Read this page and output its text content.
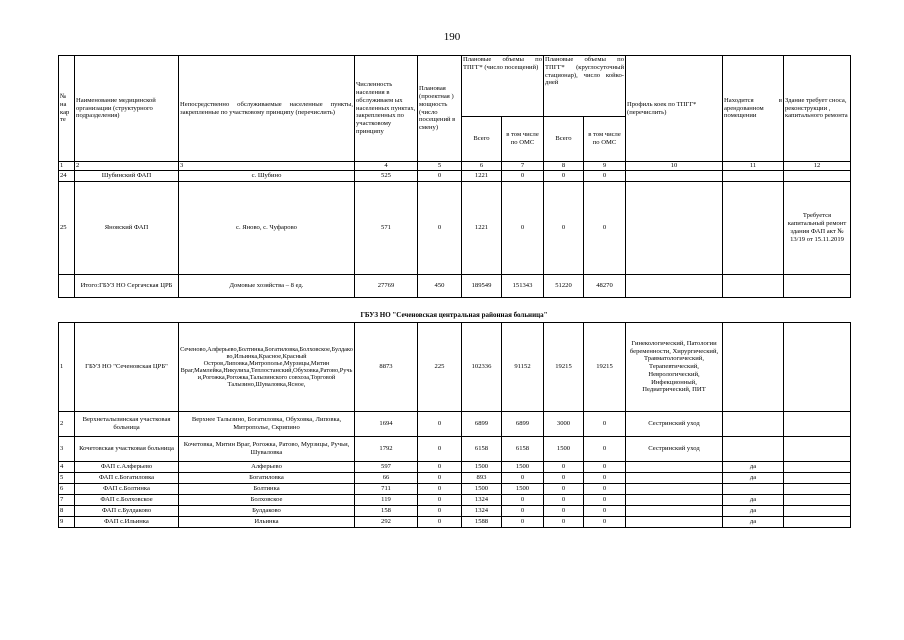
190
№ на кар те	Наименование медицинской организации (структурного подразделения)	Непосредственно обслуживаемые населенные пункты, закрепленные по участковому принципу (перечислить)	Численность населения в обслуживаем ых населенных пунктах, закрепленных по участковому принципу	Плановая (проектная ) мощность (число посещений в смену)	Плановые объемы по ТПГГ* (число посещений)		Плановые объемы по ТПГГ* (круглосуточный стационар), число койко-дней		Профиль коек по ТПГГ* (перечислить)	Находится в арендованном помещении	Здание требует сноса, реконструкции , капитального ремонта
					Всего	в том числе по ОМС	Всего	в том числе по ОМС			
1	2	3	4	5	6	7	8	9	10	11	12
24	Шубинский ФАП	с. Шубино	525	0	1221	0	0	0			
25	Яновский ФАП	с. Яново, с. Чуфарово	571	0	1221	0	0	0			Требуется капитальный ремонт здания ФАП акт № 13/19 от 15.11.2019
	Итого:ГБУЗ НО Сергачская ЦРБ	Домовые хозяйства – 8 ед.	27769	450	189549	151343	51220	48270			
ГБУЗ НО "Сеченовская центральная районная больница"
1	ГБУЗ НО "Сеченовская ЦРБ"	Сеченово,Алферьево,Болтинка,Богатиловка,Болховское,Булдаково,Ильинка,Красное,Красный Остров,Липовка,Митрополье,Мурзицы,Митин Враг,Мамлейка,Никулиха,Теплостанский,Обуховка,Ратово,Ручьи,Рогожка,Рогожка,Талызинского совхоза,Торговой Талызино,Шуваловка,Ясное,	8873	225	102336	91152	19215	19215	Гинекологический, Патологии беременности, Хирургический, Травматологический, Терапевтический, Неврологический, Инфекционный, Педиатрический, ПИТ		
2	Верхнеталызинская участковая больница	Верхнее Талызино, Богатиловка, Обуховка, Липовка, Митрополье, Скрипино	1694	0	6899	6899	3000	0	Сестринский уход		
3	Кочетовская участковая больница	Кочетовка, Митин Враг, Рогожка, Ратово, Мурзицы, Ручьи, Шуваловка	1792	0	6158	6158	1500	0	Сестринский уход		
4	ФАП с.Алферьево	Алферьево	597	0	1500	1500	0	0		да	
5	ФАП с.Богатиловка	Богатиловка	66	0	893	0	0	0		да	
6	ФАП с.Болтинка	Болтинка	711	0	1500	1500	0	0			
7	ФАП с.Болховское	Болховское	119	0	1324	0	0	0		да	
8	ФАП с.Булдаково	Булдаково	158	0	1324	0	0	0		да	
9	ФАП с.Ильинка	Ильинка	292	0	1588	0	0	0		да	
